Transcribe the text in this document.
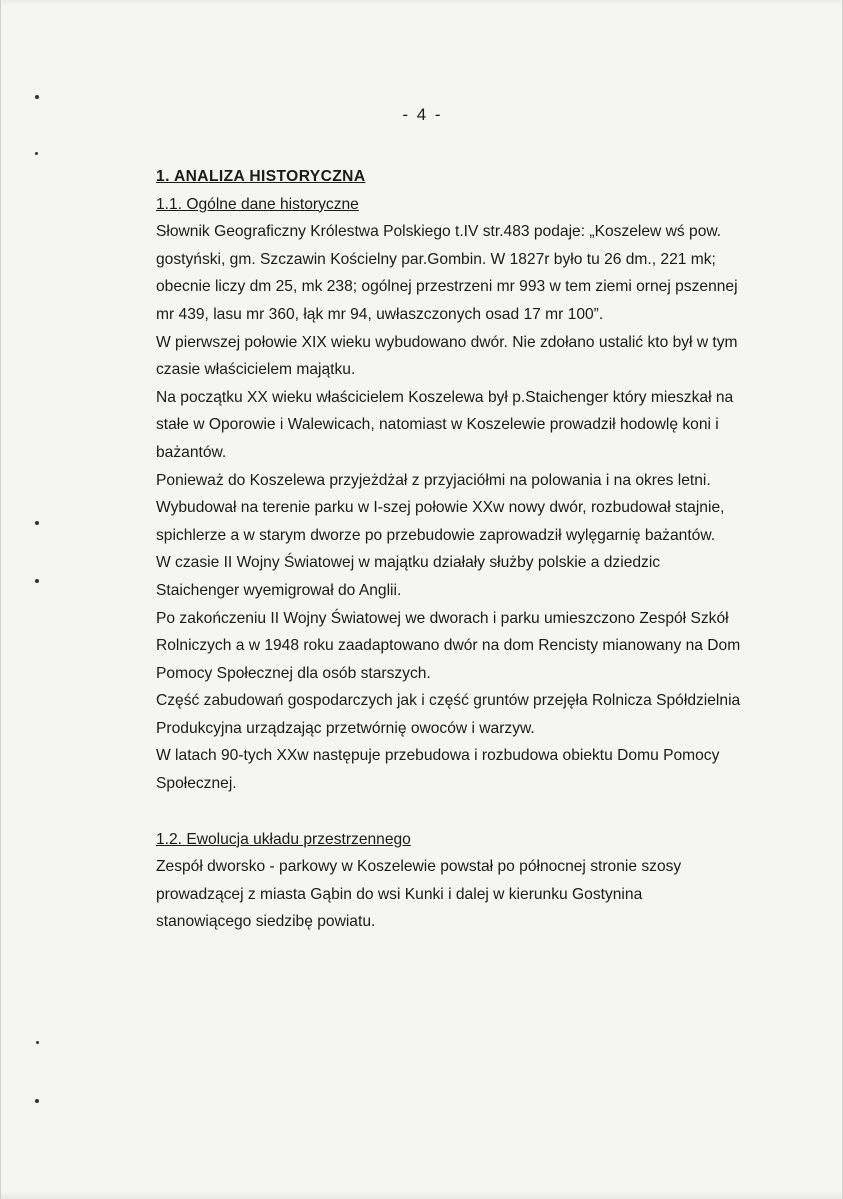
- 4 -

1. ANALIZA HISTORYCZNA

1.1. Ogólne dane historyczne

Słownik Geograficzny Królestwa Polskiego t.IV str.483 podaje: „Koszelew wś pow.

gostyński, gm. Szczawin Kościelny par.Gombin. W 1827r było tu 26 dm., 221 mk;

obecnie liczy dm 25, mk 238; ogólnej przestrzeni mr 993 w tem ziemi ornej pszennej

mr 439, lasu mr 360, łąk mr 94, uwłaszczonych osad 17 mr 100”.

W pierwszej połowie XIX wieku wybudowano dwór. Nie zdołano ustalić kto był w tym

czasie właścicielem majątku.

Na początku XX wieku właścicielem Koszelewa był p.Staichenger który mieszkał na

stałe w Oporowie i Walewicach, natomiast w Koszelewie prowadził hodowlę koni i

bażantów.

Ponieważ do Koszelewa przyjeżdżał z przyjaciółmi na polowania i na okres letni.

Wybudował na terenie parku w I-szej połowie XXw nowy dwór, rozbudował stajnie,

spichlerze a w starym dworze po przebudowie zaprowadził wylęgarnię bażantów.

W czasie II Wojny Światowej w majątku działały służby polskie a dziedzic

Staichenger wyemigrował do Anglii.

Po zakończeniu II Wojny Światowej we dworach i parku umieszczono Zespół Szkół

Rolniczych a w 1948 roku zaadaptowano dwór na dom Rencisty mianowany na Dom

Pomocy Społecznej dla osób starszych.

Część zabudowań gospodarczych jak i część gruntów przejęła Rolnicza Spółdzielnia

Produkcyjna urządzając przetwórnię owoców i warzyw.

W latach 90-tych XXw następuje przebudowa i rozbudowa obiektu Domu Pomocy

Społecznej.

1.2. Ewolucja układu przestrzennego

Zespół dworsko - parkowy w Koszelewie powstał po północnej stronie szosy

prowadzącej z miasta Gąbin do wsi Kunki i dalej w kierunku Gostynina

stanowiącego siedzibę powiatu.
